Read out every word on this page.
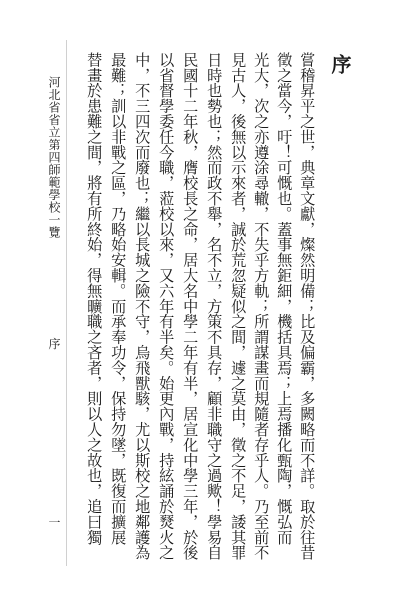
序
嘗稽昇平之世，典章文獻，燦然明備；比及偏霸，多闕略而不詳。取於往昔
徵之當今，吁！可慨也。蓋事無鉅細，機括具焉；上焉播化甄陶，慨弘而
光大，次之亦遵涂尋轍，不失乎方軌；所謂謀畫而規隨者存乎人。乃至前不
見古人，後無以示來者，誠於荒忽疑似之間，遽之莫由，徵之不足，諉其罪
日時也勢也；然而政不舉，名不立，方策不具存，顧非職守之過歟！學易自
民國十二年秋，膺校長之命，居大名中學二年有半，居宣化中學三年，於後
以省督學委任今職，蒞校以來，又六年有半矣。始更內戰，持絃誦於燹火之
中，不三四次而廢也；繼以長城之險不守，烏飛獸駭，尤以斯校之地鄰護為
最難；訓以非戰之區，乃略始安輯。而承奉功令，保持勿墜，既復而擴展
替畫於患難之間，將有所終始，得無曠職之吝者，則以人之故也，追曰獨
河北省省立第四師範學校一覽  序
一
